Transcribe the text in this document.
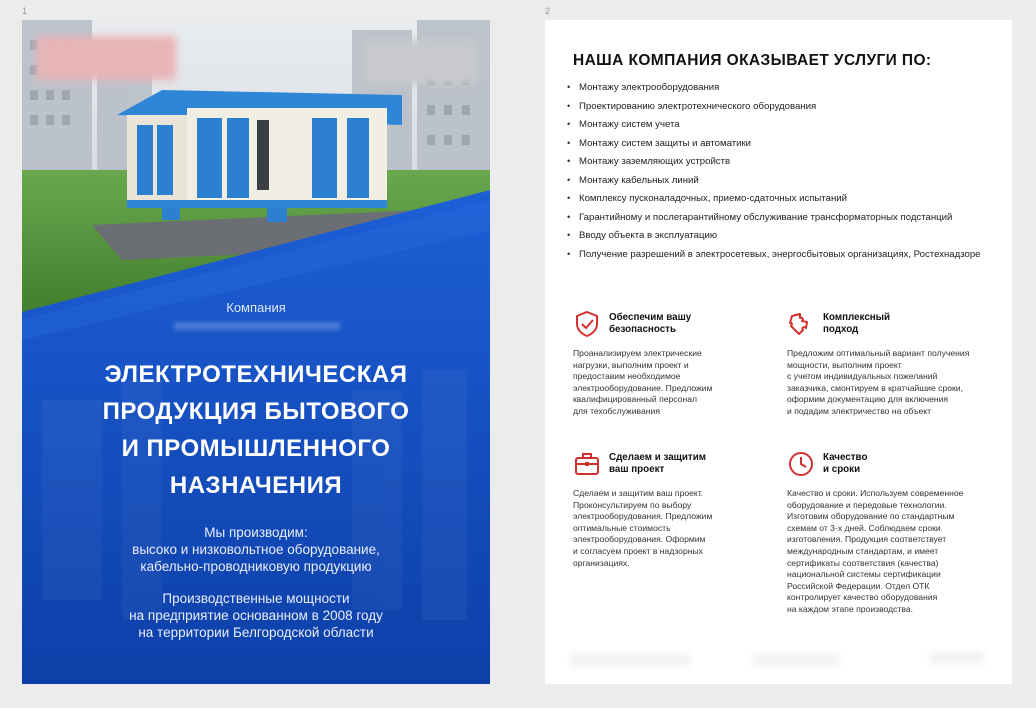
1	2
Компания
ЭЛЕКТРОТЕХНИЧЕСКАЯ
ПРОДУКЦИЯ БЫТОВОГО
И ПРОМЫШЛЕННОГО
НАЗНАЧЕНИЯ
Мы производим:
высоко и низковольтное оборудование,
кабельно-проводниковую продукцию
Производственные мощности
на предприятие основанном в 2008 году
на территории Белгородской области
НАША КОМПАНИЯ ОКАЗЫВАЕТ УСЛУГИ ПО:
• Монтажу электрооборудования
• Проектированию электротехнического оборудования
• Монтажу систем учета
• Монтажу систем защиты и автоматики
• Монтажу заземляющих устройств
• Монтажу кабельных линий
• Комплексу пусконаладочных, приемо-сдаточных испытаний
• Гарантийному и послегарантийному обслуживание трансформаторных подстанций
• Вводу объекта в эксплуатацию
• Получение разрешений в электросетевых, энергосбытовых организациях, Ростехнадзоре
Обеспечим вашу
безопасность
Проанализируем электрические
нагрузки, выполним проект и
предоставим необходимое
электрооборудование. Предложим
квалифицированный персонал
для техобслуживания
Комплексный
подход
Предложим оптимальный вариант получения
мощности, выполним проект
с учетом индивидуальных пожеланий
заказчика, смонтируем в кратчайшие сроки,
оформим документацию для включения
и подадим электричество на объект
Сделаем и защитим
ваш проект
Сделаем и защитим ваш проект.
Проконсультируем по выбору
электрооборудования. Предложим
оптимальные стоимость
электрооборудования. Оформим
и согласуем проект в надзорных
организациях.
Качество
и сроки
Качество и сроки. Используем современное
оборудование и передовые технологии.
Изготовим оборудование по стандартным
схемам от 3-х дней. Соблюдаем сроки
изготовления. Продукция соответствует
международным стандартам, и имеет
сертификаты соответствия (качества)
национальной системы сертификации
Российской Федерации. Отдел ОТК
контролирует качество оборудования
на каждом этапе производства.
